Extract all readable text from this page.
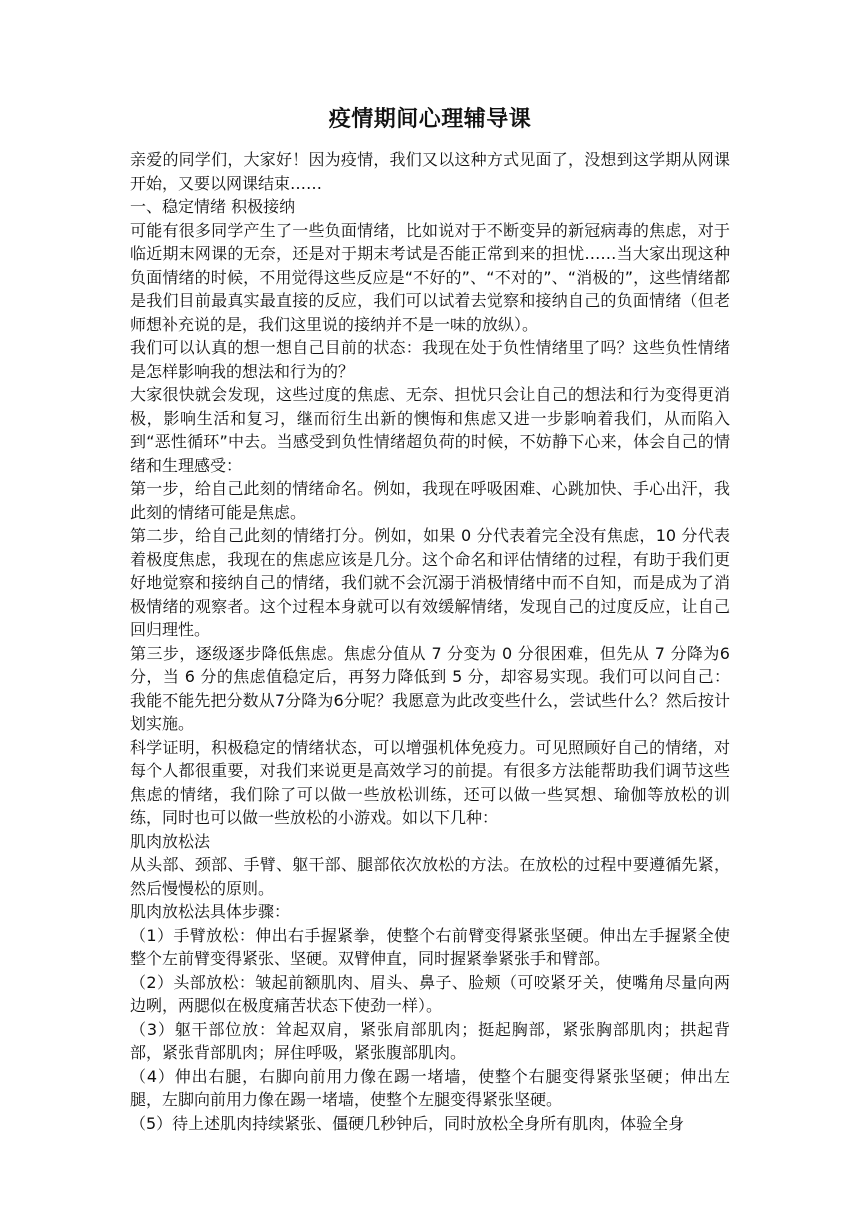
疫情期间心理辅导课

亲爱的同学们，大家好！因为疫情，我们又以这种方式见面了，没想到这学期从网课开始，又要以网课结束……

一、稳定情绪 积极接纳

可能有很多同学产生了一些负面情绪，比如说对于不断变异的新冠病毒的焦虑，对于临近期末网课的无奈，还是对于期末考试是否能正常到来的担忧……当大家出现这种负面情绪的时候，不用觉得这些反应是“不好的”、“不对的”、“消极的”，这些情绪都是我们目前最真实最直接的反应，我们可以试着去觉察和接纳自己的负面情绪（但老师想补充说的是，我们这里说的接纳并不是一味的放纵）。

我们可以认真的想一想自己目前的状态：我现在处于负性情绪里了吗？这些负性情绪是怎样影响我的想法和行为的？

大家很快就会发现，这些过度的焦虑、无奈、担忧只会让自己的想法和行为变得更消极，影响生活和复习，继而衍生出新的懊悔和焦虑又进一步影响着我们，从而陷入到“恶性循环”中去。当感受到负性情绪超负荷的时候，不妨静下心来，体会自己的情绪和生理感受：

第一步，给自己此刻的情绪命名。例如，我现在呼吸困难、心跳加快、手心出汗，我此刻的情绪可能是焦虑。

第二步，给自己此刻的情绪打分。例如，如果 0 分代表着完全没有焦虑，10 分代表着极度焦虑，我现在的焦虑应该是几分。这个命名和评估情绪的过程，有助于我们更好地觉察和接纳自己的情绪，我们就不会沉溺于消极情绪中而不自知，而是成为了消极情绪的观察者。这个过程本身就可以有效缓解情绪，发现自己的过度反应，让自己回归理性。

第三步，逐级逐步降低焦虑。焦虑分值从 7 分变为 0 分很困难，但先从 7 分降为6 分，当 6 分的焦虑值稳定后，再努力降低到 5 分，却容易实现。我们可以问自己：我能不能先把分数从7分降为6分呢？我愿意为此改变些什么，尝试些什么？然后按计划实施。

科学证明，积极稳定的情绪状态，可以增强机体免疫力。可见照顾好自己的情绪，对每个人都很重要，对我们来说更是高效学习的前提。有很多方法能帮助我们调节这些焦虑的情绪，我们除了可以做一些放松训练，还可以做一些冥想、瑜伽等放松的训练，同时也可以做一些放松的小游戏。如以下几种：

肌肉放松法

从头部、颈部、手臂、躯干部、腿部依次放松的方法。在放松的过程中要遵循先紧，然后慢慢松的原则。

肌肉放松法具体步骤：

（1）手臂放松：伸出右手握紧拳，使整个右前臂变得紧张坚硬。伸出左手握紧全使整个左前臂变得紧张、坚硬。双臂伸直，同时握紧拳紧张手和臂部。

（2）头部放松：皱起前额肌肉、眉头、鼻子、脸颊（可咬紧牙关，使嘴角尽量向两边咧，两腮似在极度痛苦状态下使劲一样）。

（3）躯干部位放：耸起双肩，紧张肩部肌肉；挺起胸部，紧张胸部肌肉；拱起背部，紧张背部肌肉；屏住呼吸，紧张腹部肌肉。

（4）伸出右腿，右脚向前用力像在踢一堵墙，使整个右腿变得紧张坚硬；伸出左腿，左脚向前用力像在踢一堵墙，使整个左腿变得紧张坚硬。

（5）待上述肌肉持续紧张、僵硬几秒钟后，同时放松全身所有肌肉，体验全身
